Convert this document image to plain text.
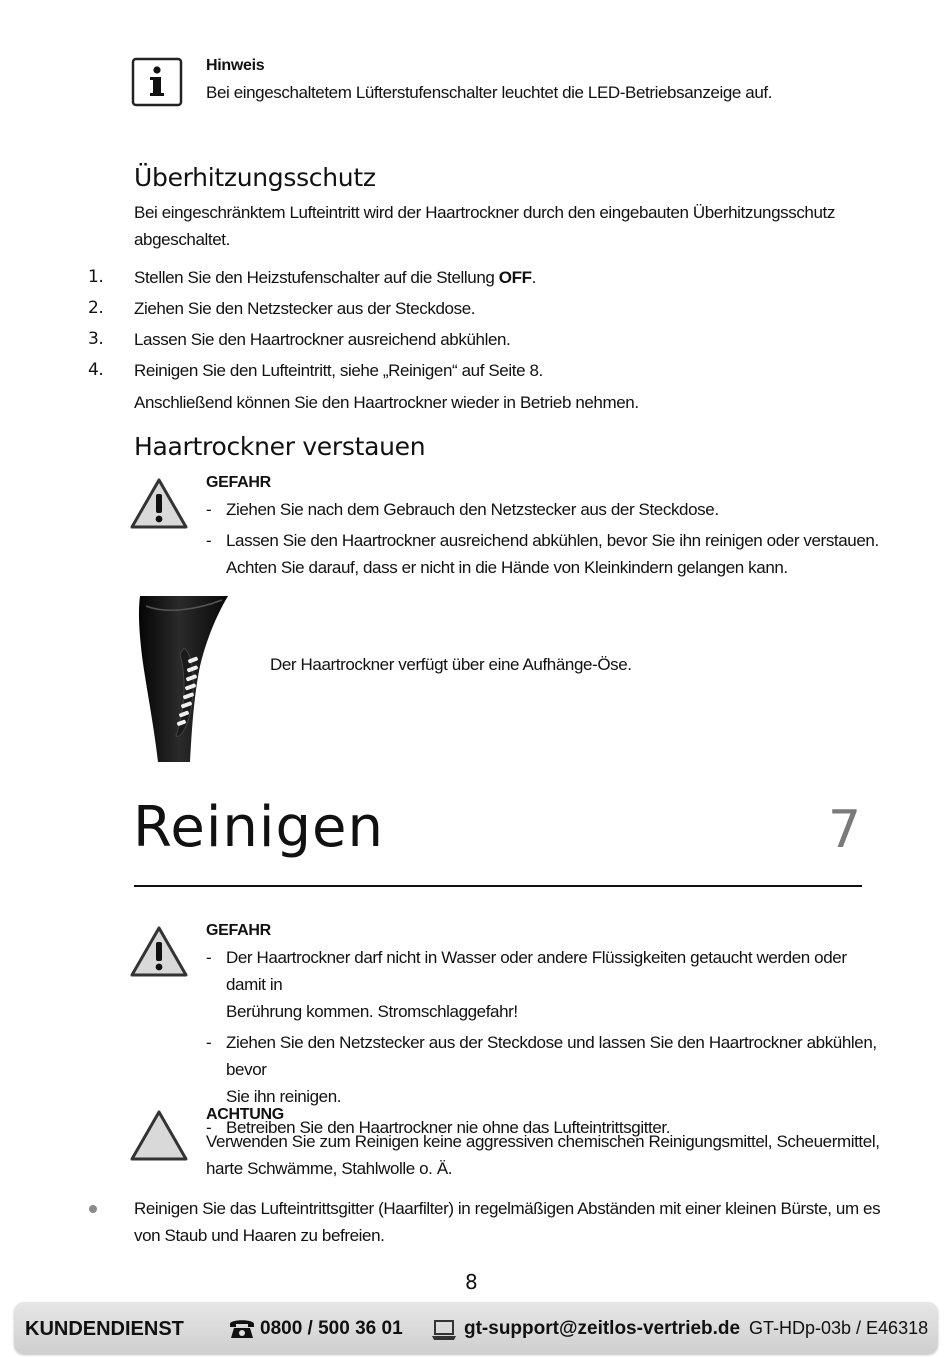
Hinweis
Bei eingeschaltetem Lüfterstufenschalter leuchtet die LED-Betriebsanzeige auf.
Überhitzungsschutz
Bei eingeschränktem Lufteintritt wird der Haartrockner durch den eingebauten Überhitzungsschutz
abgeschaltet.
1.	Stellen Sie den Heizstufenschalter auf die Stellung OFF.
2.	Ziehen Sie den Netzstecker aus der Steckdose.
3.	Lassen Sie den Haartrockner ausreichend abkühlen.
4.	Reinigen Sie den Lufteintritt, siehe „Reinigen“ auf Seite 8.
Anschließend können Sie den Haartrockner wieder in Betrieb nehmen.
Haartrockner verstauen
GEFAHR
- Ziehen Sie nach dem Gebrauch den Netzstecker aus der Steckdose.
- Lassen Sie den Haartrockner ausreichend abkühlen, bevor Sie ihn reinigen oder verstauen.
Achten Sie darauf, dass er nicht in die Hände von Kleinkindern gelangen kann.
Der Haartrockner verfügt über eine Aufhänge-Öse.
Reinigen	7
GEFAHR
- Der Haartrockner darf nicht in Wasser oder andere Flüssigkeiten getaucht werden oder damit in
Berührung kommen. Stromschlaggefahr!
- Ziehen Sie den Netzstecker aus der Steckdose und lassen Sie den Haartrockner abkühlen, bevor
Sie ihn reinigen.
- Betreiben Sie den Haartrockner nie ohne das Lufteintrittsgitter.
ACHTUNG
Verwenden Sie zum Reinigen keine aggressiven chemischen Reinigungsmittel, Scheuermittel,
harte Schwämme, Stahlwolle o. Ä.
Reinigen Sie das Lufteintrittsgitter (Haarfilter) in regelmäßigen Abständen mit einer kleinen Bürste, um es
von Staub und Haaren zu befreien.
8
KUNDENDIENST	0800 / 500 36 01	gt-support@zeitlos-vertrieb.de GT-HDp-03b / E46318
